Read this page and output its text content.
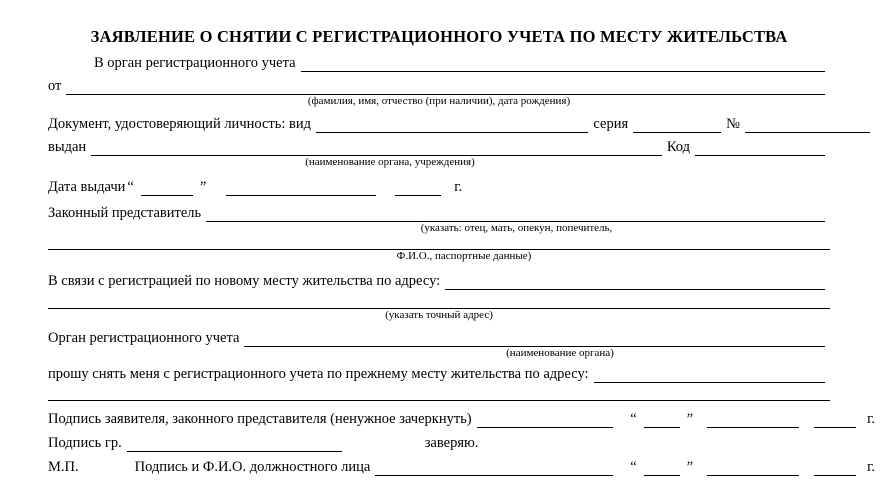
ЗАЯВЛЕНИЕ О СНЯТИИ С РЕГИСТРАЦИОННОГО УЧЕТА ПО МЕСТУ ЖИТЕЛЬСТВА
В орган регистрационного учета
от
(фамилия, имя, отчество (при наличии), дата рождения)
Документ, удостоверяющий личность: вид	серия	№
выдан	Код
(наименование органа, учреждения)
Дата выдачи “	”	г.
Законный представитель
(указать: отец, мать, опекун, попечитель,
Ф.И.О., паспортные данные)
В связи с регистрацией по новому месту жительства по адресу:
(указать точный адрес)
Орган регистрационного учета
(наименование органа)
прошу снять меня с регистрационного учета по прежнему месту жительства по адресу:
Подпись заявителя, законного представителя (ненужное зачеркнуть)	“	”	г.
Подпись гр.	заверяю.
М.П.	Подпись и Ф.И.О. должностного лица	“	”	г.
